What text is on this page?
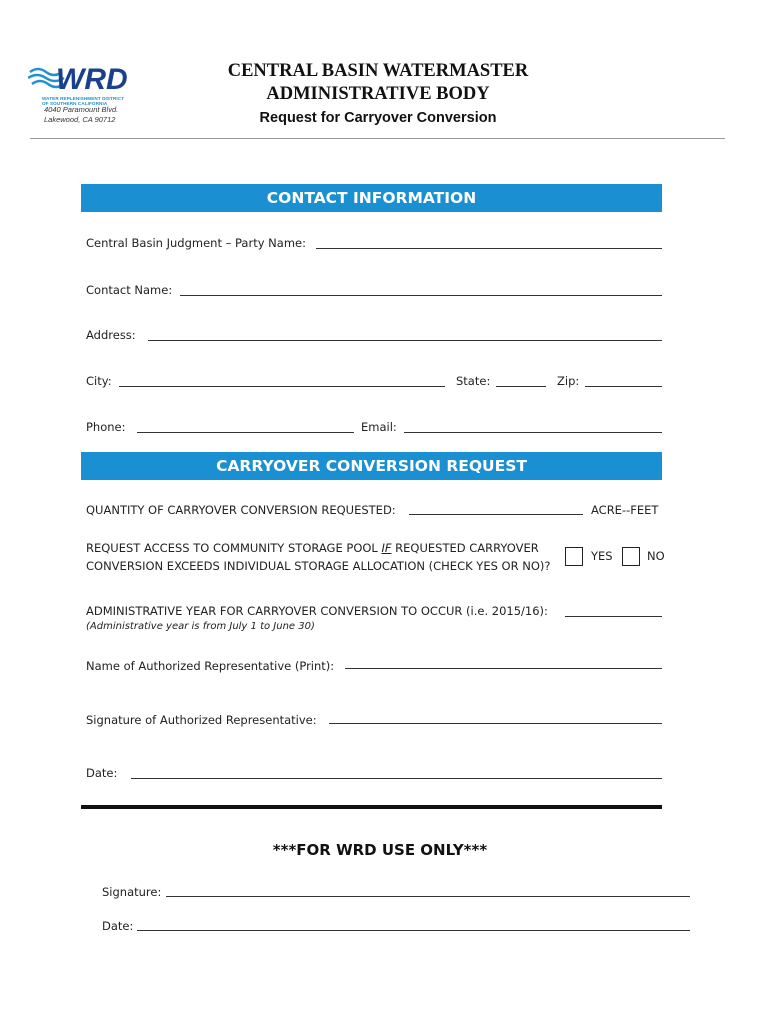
WRD
WATER REPLENISHMENT DISTRICT
OF SOUTHERN CALIFORNIA
4040 Paramount Blvd.
Lakewood, CA 90712
CENTRAL BASIN WATERMASTER
ADMINISTRATIVE BODY
Request for Carryover Conversion
CONTACT INFORMATION
Central Basin Judgment – Party Name:
Contact Name:
Address:
City:	State:	Zip:
Phone:	Email:
CARRYOVER CONVERSION REQUEST
QUANTITY OF CARRYOVER CONVERSION REQUESTED:	ACRE--FEET
REQUEST ACCESS TO COMMUNITY STORAGE POOL IF REQUESTED CARRYOVER
CONVERSION EXCEEDS INDIVIDUAL STORAGE ALLOCATION (CHECK YES OR NO)?
YES	NO
ADMINISTRATIVE YEAR FOR CARRYOVER CONVERSION TO OCCUR (i.e. 2015/16):
(Administrative year is from July 1 to June 30)
Name of Authorized Representative (Print):
Signature of Authorized Representative:
Date:
***FOR WRD USE ONLY***
Signature:
Date:
